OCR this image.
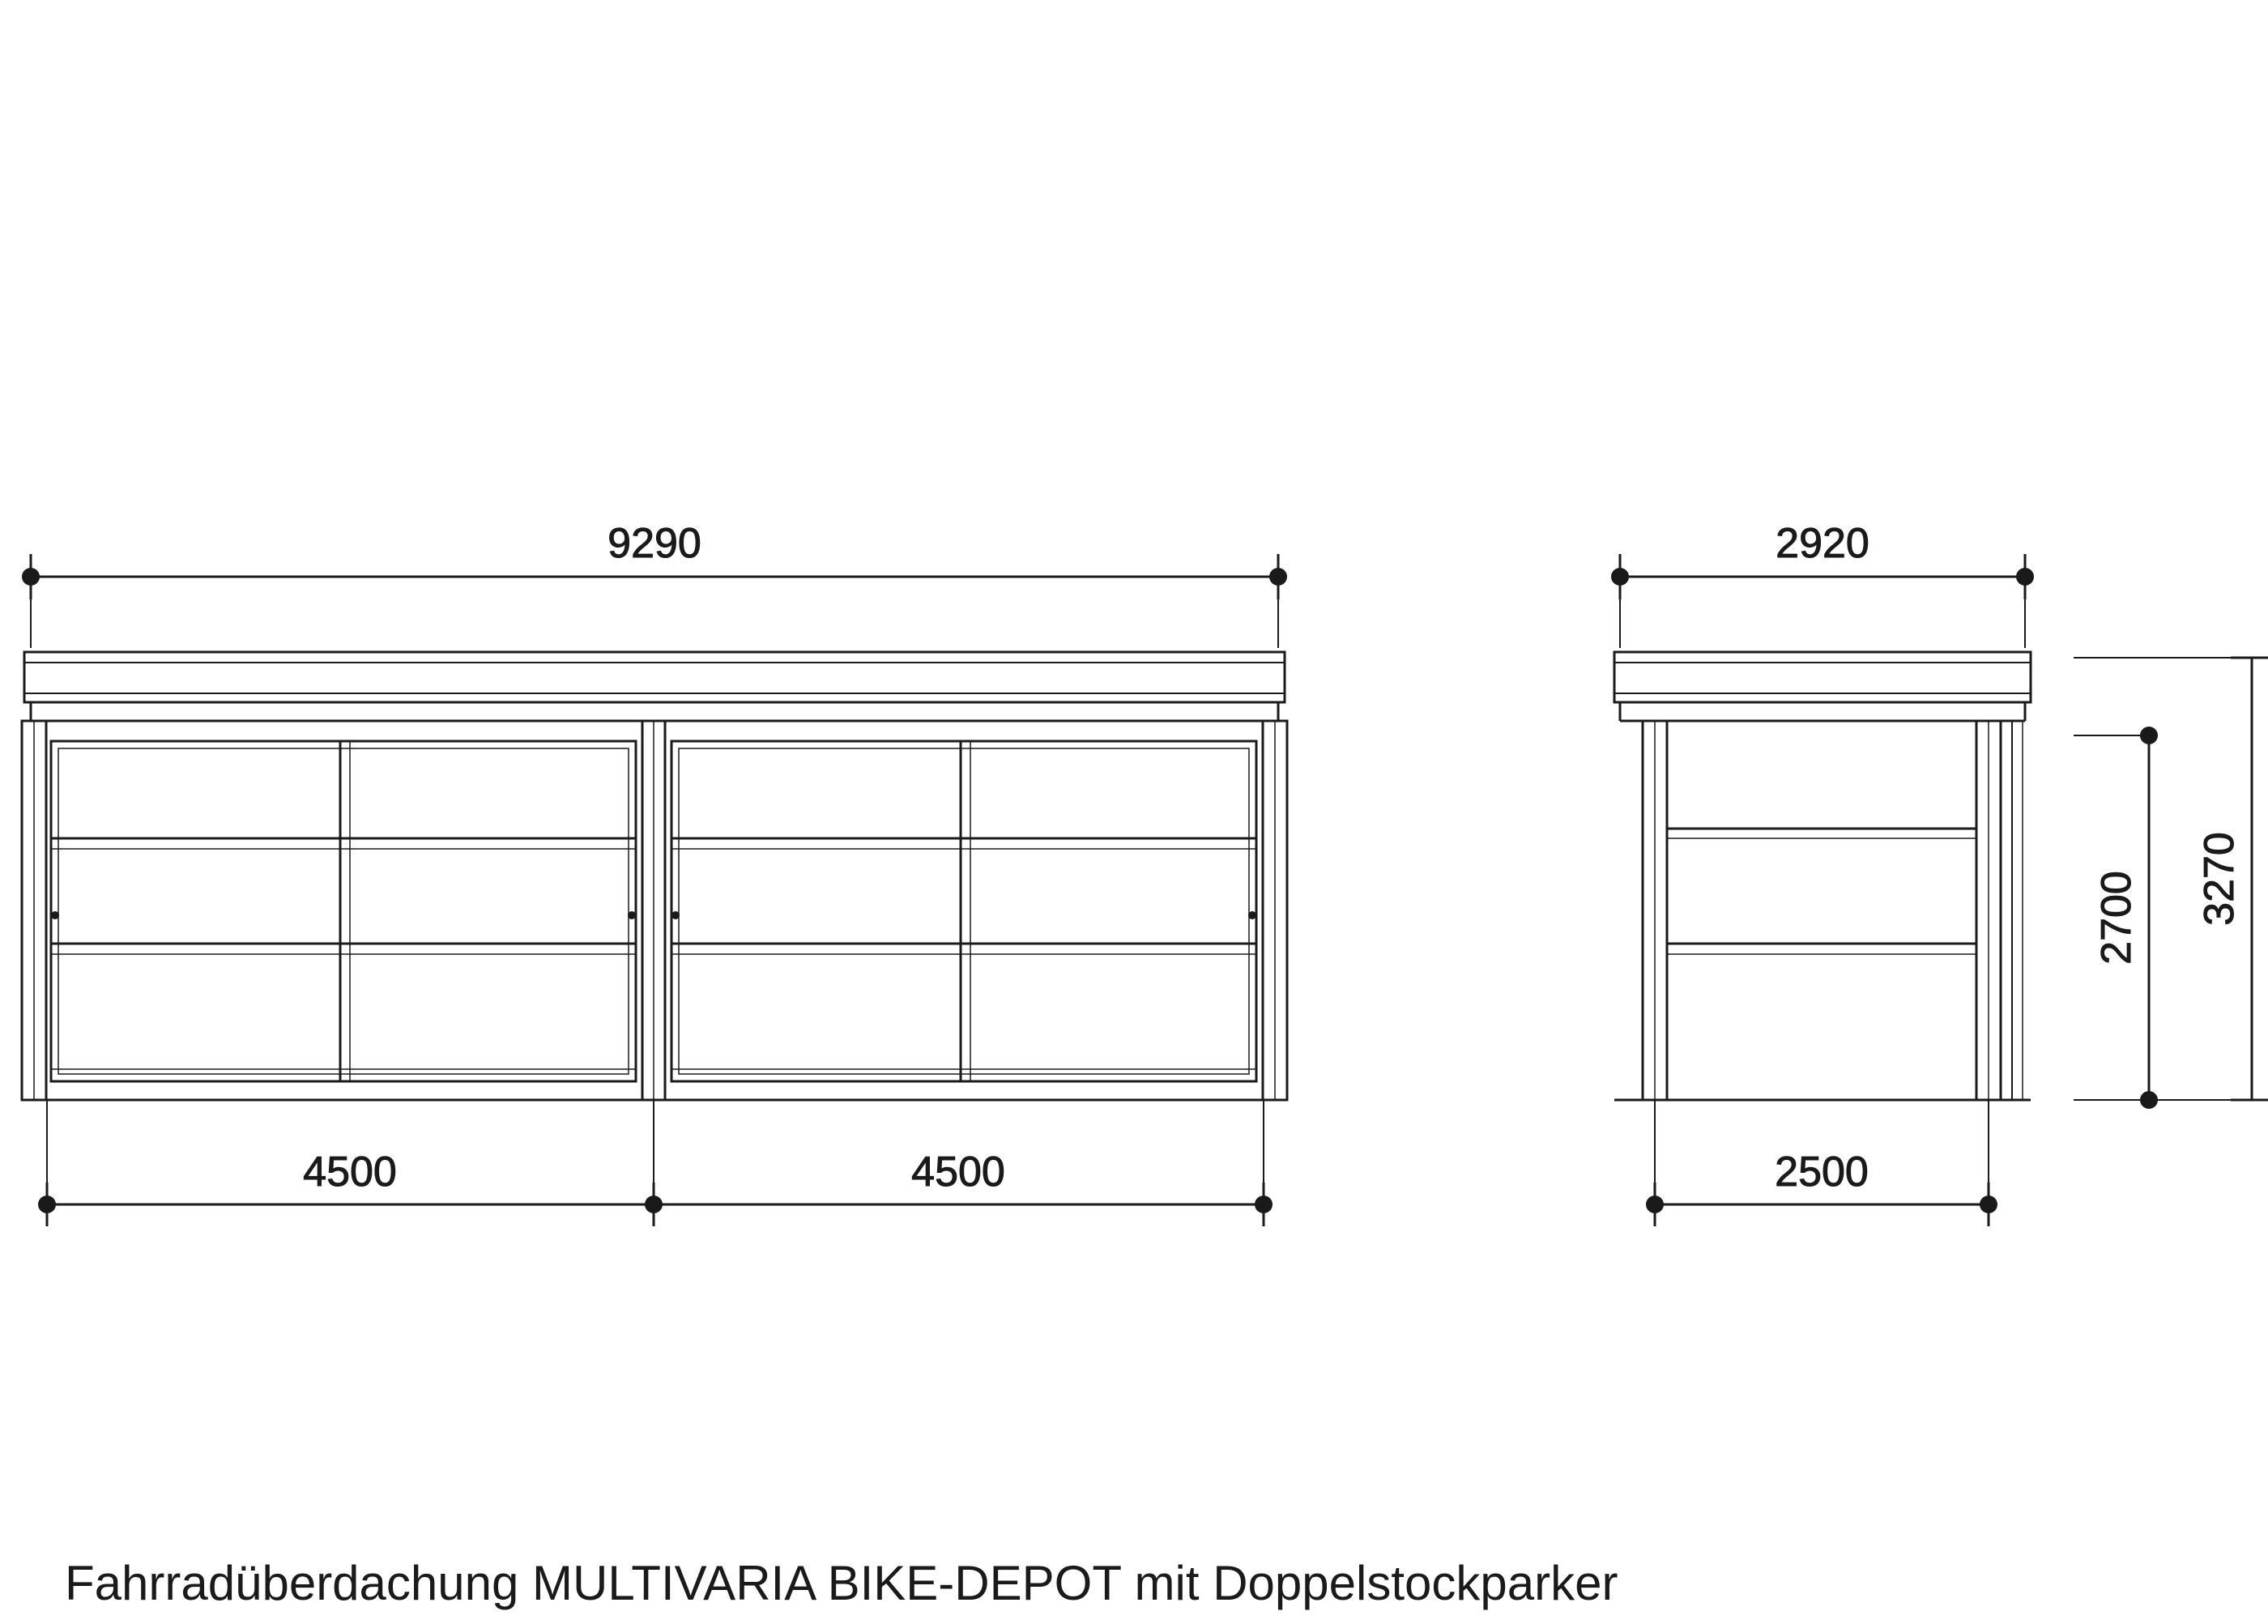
9290
4500	4500
2920
2500
2700 3270
Fahrradüberdachung MULTIVARIA BIKE-DEPOT mit Doppelstockparker
